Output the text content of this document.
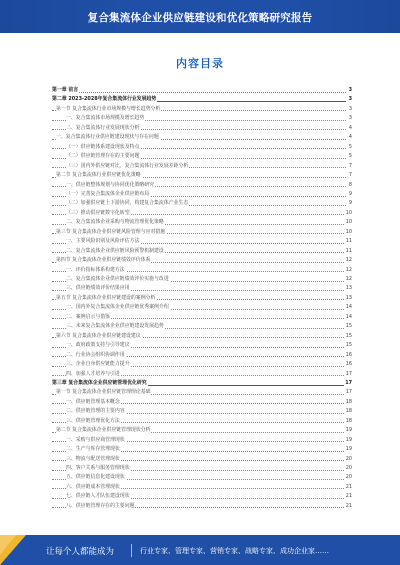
复合集流体企业供应链建设和优化策略研究报告
内容目录
第一章 前言	3
第二章 2023-2028年复合集流体行业发展趋势	3
第一节 复合集流体行业市场规模与增长趋势分析	3
一、复合集流体市场规模及增长趋势	3
二、复合集流体行业发展现状分析	4
一、复合集流体行业供应链建设现状与存在问题	4
（一）供应链体系建设现状及特点	5
（二）供应链管理存在的主要问题	5
（三）国内外供应链对比，复合集流体行业发展差距分析	7
第二节 复合集流体行业供应链优化策略	7
一、供应链整体规划与协同优化策略研究	8
（一）完善复合集流体企业供应链布局	9
（二）加强供应链上下游协同，构建复合集流体产业生态	9
（三）推动供应链数字化转型	10
二、复合集流体企业采购与物流管理优化策略	10
第三节 复合集流体企业供应链风险管理与应对措施	10
一、主要风险识别及风险评估方法	11
二、复合集流体企业供应链风险预警机制建设	11
第四节 复合集流体企业供应链绩效评价体系	12
一、评价指标体系构建方法	12
二、复合集流体企业供应链绩效评价实施与改进	12
三、供应链绩效评价结果应用	13
第五节 复合集流体企业供应链建设的案例分析	13
一、国内外复合集流体企业供应链优秀案例介绍	14
二、案例启示与借鉴	14
三、未来复合集流体企业供应链建设发展趋势	15
第六节 复合集流体企业供应链建设建议	15
一、政府政策支持与引导建议	15
二、行业协会组织协调作用	16
三、企业自身供应链能力提升	16
四、加强人才培养与引进	17
第三章 复合集流体企业供应链管理优化研究	17
第一节 复合集流体企业供应链管理理论基础	17
一、供应链管理基本概念	18
二、供应链管理的主要内容	18
三、供应链管理优化方法	18
第二节 复合集流体企业供应链管理现状分析	19
一、采购与供应商管理现状	19
二、生产与库存管理现状	19
三、物流与配送管理现状	20
四、客户关系与服务管理现状	20
五、供应链信息化建设现状	20
六、供应链成本管理现状	21
七、供应链人才队伍建设现状	21
八、供应链管理存在的主要问题	21
让每个人都能成为	行业专家、管理专家、营销专家、战略专家、成功企业家……
